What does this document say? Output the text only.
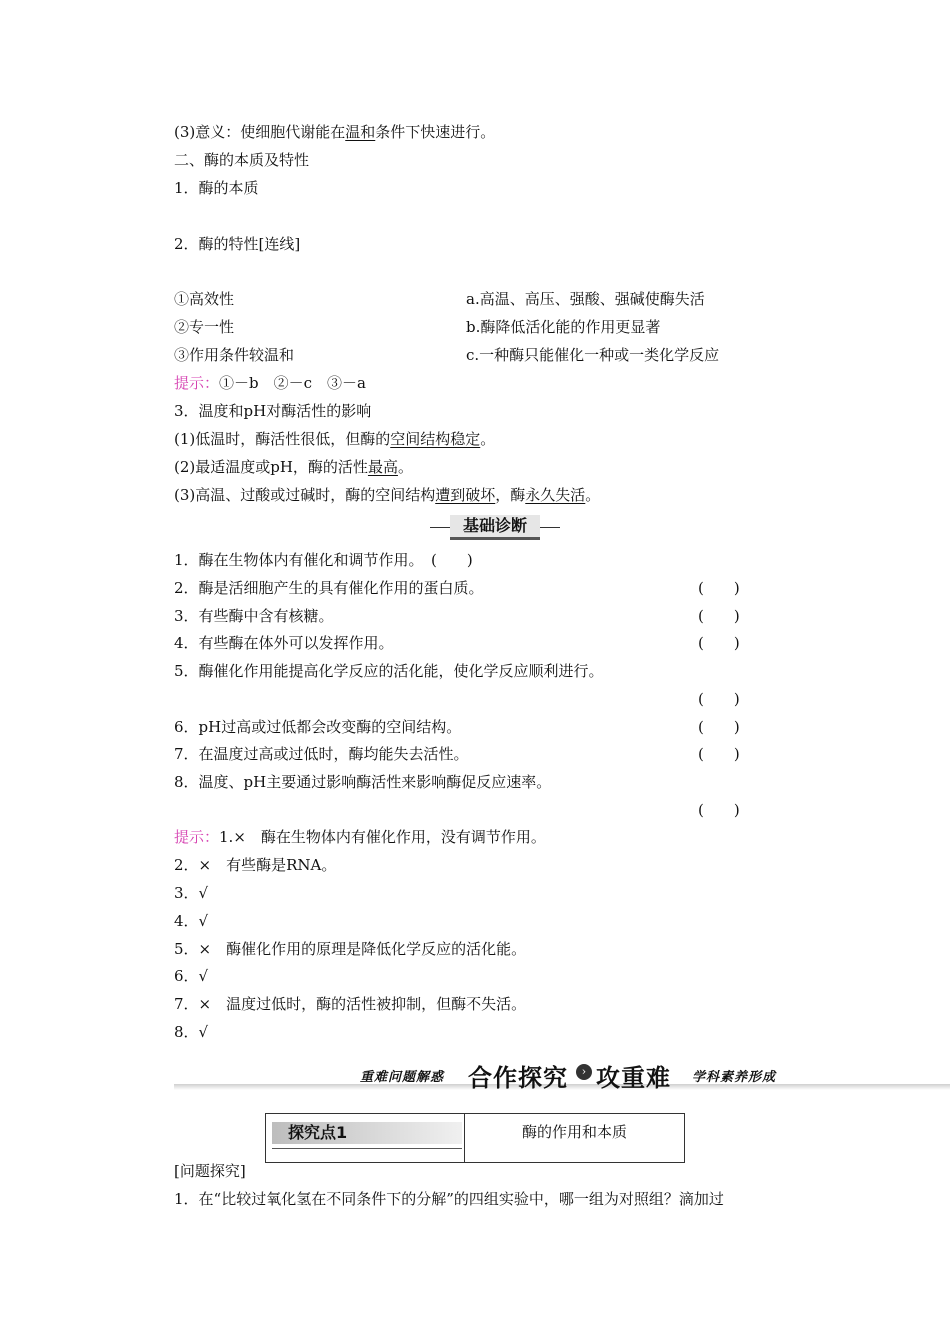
(3)意义：使细胞代谢能在温和条件下快速进行。
二、酶的本质及特性
1．酶的本质
2．酶的特性[连线]
①高效性	a.高温、高压、强酸、强碱使酶失活
②专一性	b.酶降低活化能的作用更显著
③作用条件较温和	c.一种酶只能催化一种或一类化学反应
提示：①－b　②－c　③－a
3．温度和pH对酶活性的影响
(1)低温时，酶活性很低，但酶的空间结构稳定。
(2)最适温度或pH，酶的活性最高。
(3)高温、过酸或过碱时，酶的空间结构遭到破坏，酶永久失活。
基础诊断
1．酶在生物体内有催化和调节作用。　(　　)
2．酶是活细胞产生的具有催化作用的蛋白质。	(　　)
3．有些酶中含有核糖。	(　　)
4．有些酶在体外可以发挥作用。	(　　)
5．酶催化作用能提高化学反应的活化能，使化学反应顺利进行。
(　　)
6．pH过高或过低都会改变酶的空间结构。	(　　)
7．在温度过高或过低时，酶均能失去活性。	(　　)
8．温度、pH主要通过影响酶活性来影响酶促反应速率。
(　　)
提示：1.×　酶在生物体内有催化作用，没有调节作用。
2．×　有些酶是RNA。
3．√
4．√
5．×　酶催化作用的原理是降低化学反应的活化能。
6．√
7．×　温度过低时，酶的活性被抑制，但酶不失活。
8．√
重难问题解惑 合作探究	› 攻重难 学科素养形成
探究点1	酶的作用和本质
[问题探究]
1．在“比较过氧化氢在不同条件下的分解”的四组实验中，哪一组为对照组？滴加过
